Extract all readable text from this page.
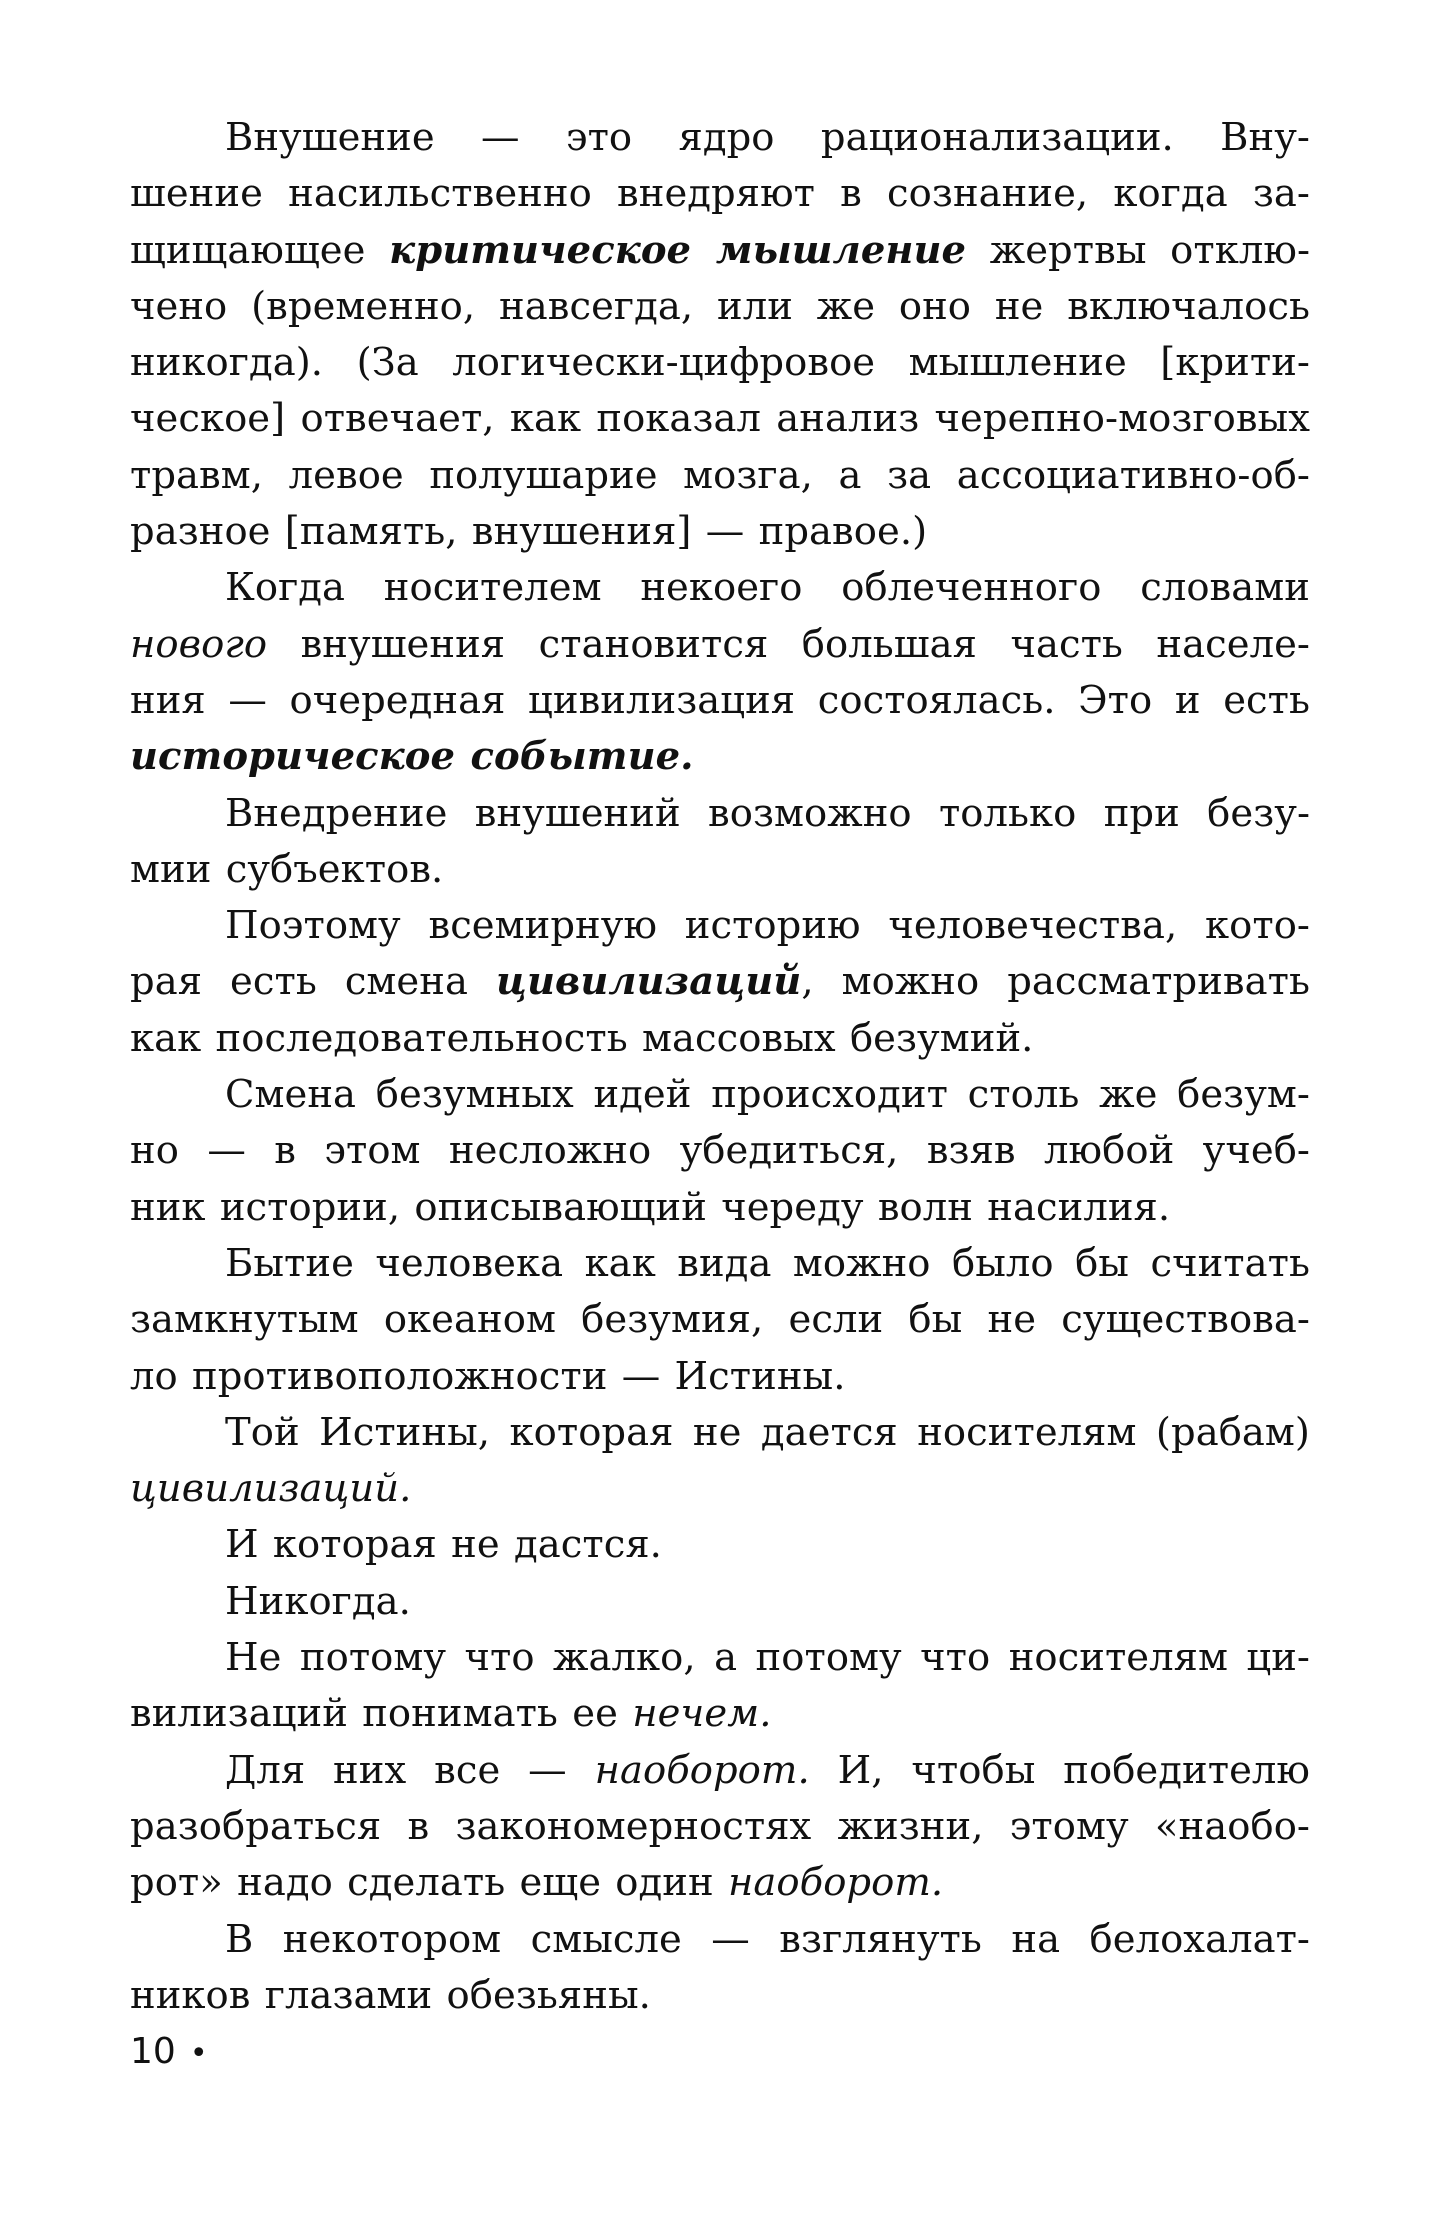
Внушение — это ядро рационализации. Вну-
шение насильственно внедряют в сознание, когда за-
щищающее критическое мышление жертвы отклю-
чено (временно, навсегда, или же оно не включалось
никогда). (За логически-цифровое мышление [крити-
ческое] отвечает, как показал анализ черепно-мозговых
травм, левое полушарие мозга, а за ассоциативно-об-
разное [память, внушения] — правое.)
Когда носителем некоего облеченного словами
нового внушения становится большая часть населе-
ния — очередная цивилизация состоялась. Это и есть
историческое событие.
Внедрение внушений возможно только при безу-
мии субъектов.
Поэтому всемирную историю человечества, кото-
рая есть смена цивилизаций, можно рассматривать
как последовательность массовых безумий.
Смена безумных идей происходит столь же безум-
но — в этом несложно убедиться, взяв любой учеб-
ник истории, описывающий череду волн насилия.
Бытие человека как вида можно было бы считать
замкнутым океаном безумия, если бы не существова-
ло противоположности — Истины.
Той Истины, которая не дается носителям (рабам)
цивилизаций.
И которая не дастся.
Никогда.
Не потому что жалко, а потому что носителям ци-
вилизаций понимать ее нечем.
Для них все — наоборот. И, чтобы победителю
разобраться в закономерностях жизни, этому «наобо-
рот» надо сделать еще один наоборот.
В некотором смысле — взглянуть на белохалат-
ников глазами обезьяны.
10 •
